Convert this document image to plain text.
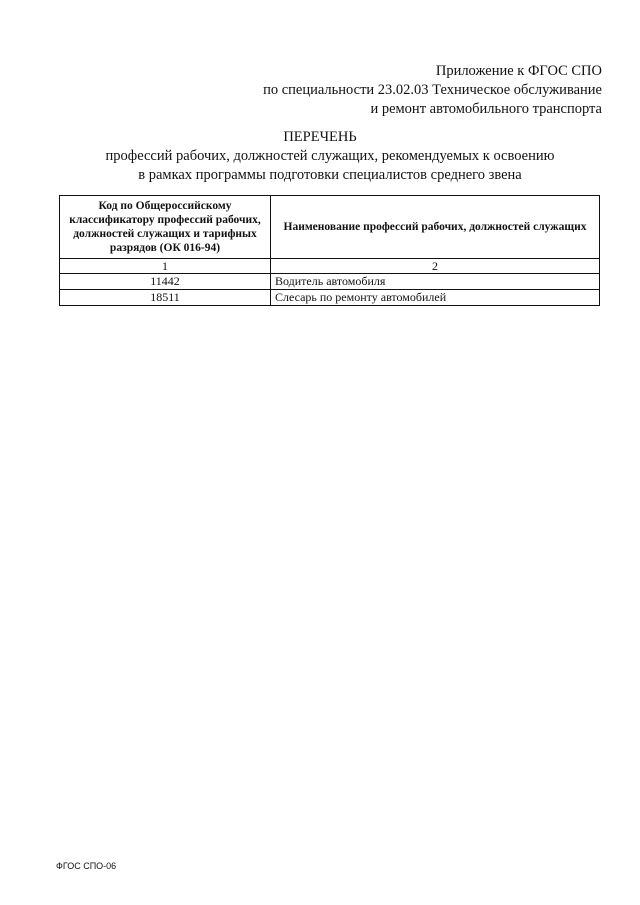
Приложение к ФГОС СПО
по специальности 23.02.03 Техническое обслуживание
и ремонт автомобильного транспорта
ПЕРЕЧЕНЬ
профессий рабочих, должностей служащих, рекомендуемых к освоению
в рамках программы подготовки специалистов среднего звена
Код по Общероссийскому классификатору профессий рабочих, должностей служащих и тарифных разрядов (ОК 016-94)	Наименование профессий рабочих, должностей служащих
1	2
11442	Водитель автомобиля
18511	Слесарь по ремонту автомобилей
ФГОС СПО-06
